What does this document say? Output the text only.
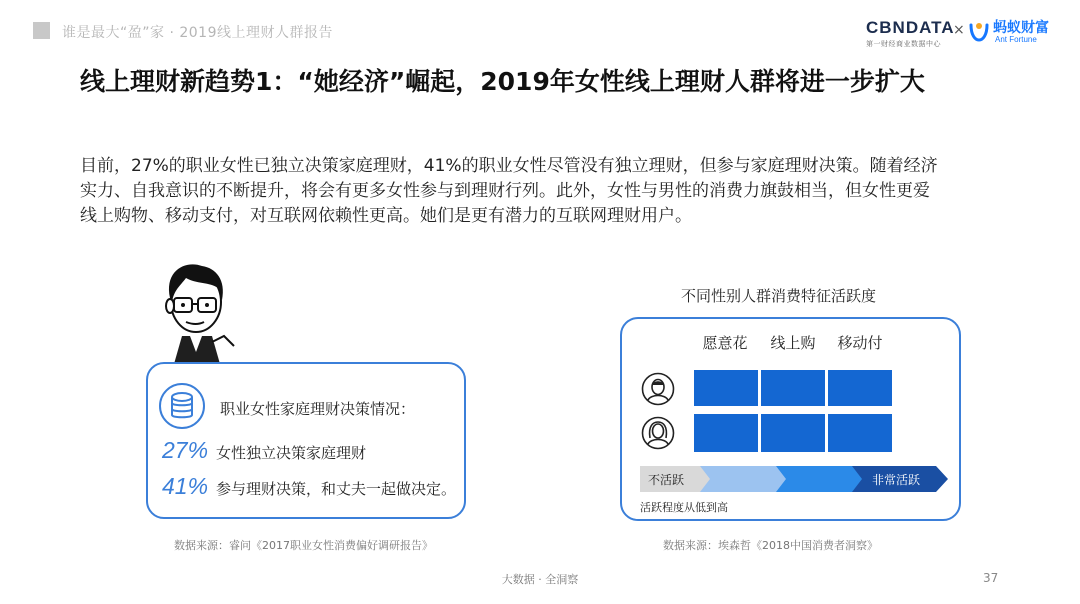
谁是最大“盈”家 · 2019线上理财人群报告	CBNDATA
第一财经商业数据中心
× 蚂蚁财富
Ant Fortune
线上理财新趋势1：“她经济”崛起，2019年女性线上理财人群将进一步扩大

目前，27%的职业女性已独立决策家庭理财，41%的职业女性尽管没有独立理财，但参与家庭理财决策。随着经济

实力、自我意识的不断提升，将会有更多女性参与到理财行列。此外，女性与男性的消费力旗鼓相当，但女性更爱

线上购物、移动支付，对互联网依赖性更高。她们是更有潜力的互联网理财用户。

职业女性家庭理财决策情况：
27% 女性独立决策家庭理财
41% 参与理财决策，和丈夫一起做决定。
数据来源：睿问《2017职业女性消费偏好调研报告》
不同性别人群消费特征活跃度
愿意花	线上购	移动付
不活跃	非常活跃
活跃程度从低到高
数据来源：埃森哲《2018中国消费者洞察》
大数据 · 全洞察	37
